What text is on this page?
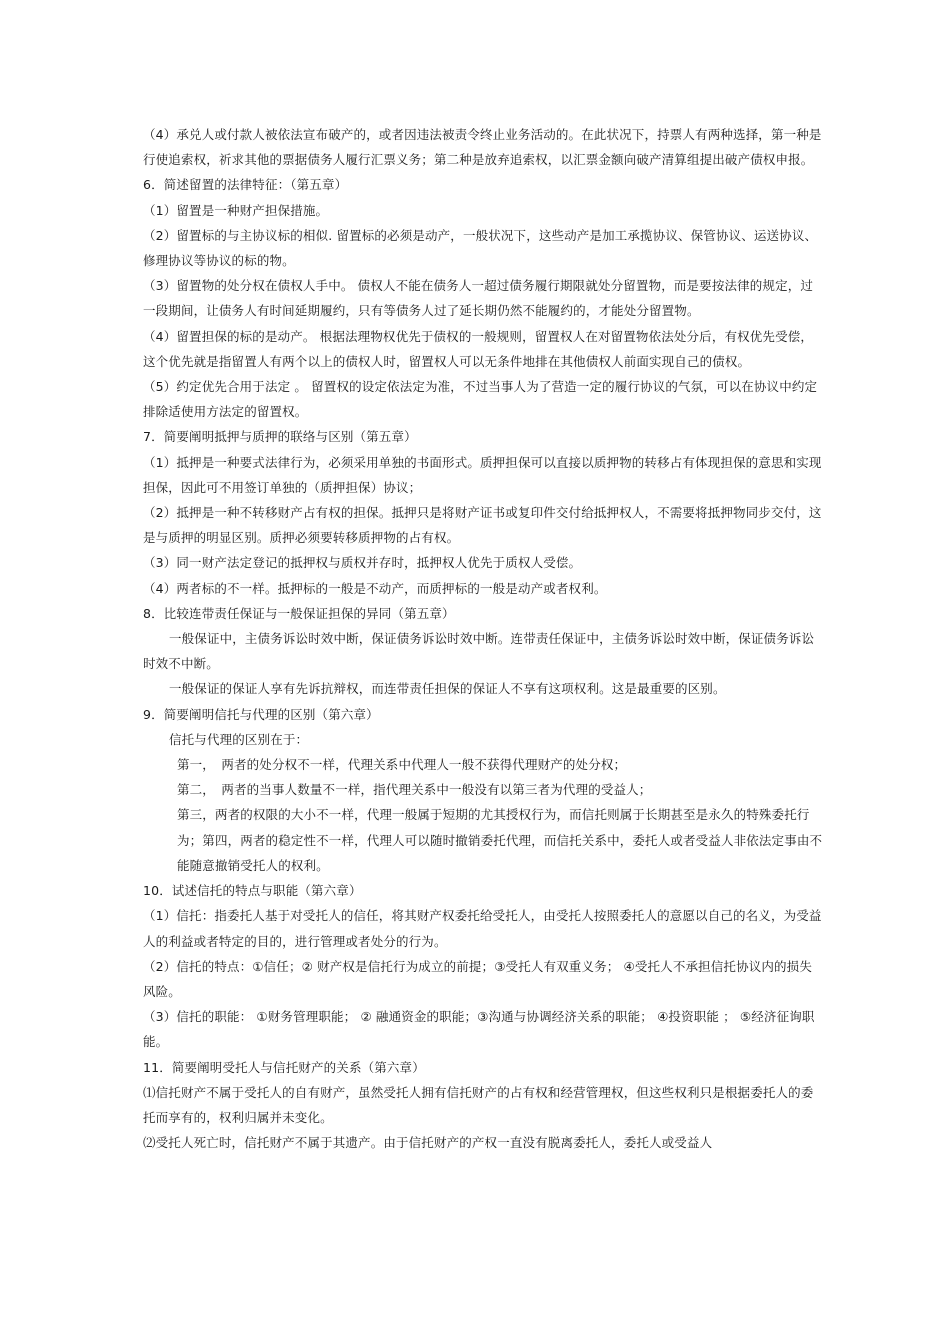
（4）承兑人或付款人被依法宣布破产的，或者因违法被责令终止业务活动的。在此状况下，持票人有两种选择，第一种是行使追索权，祈求其他的票据债务人履行汇票义务；第二种是放弃追索权，以汇票金额向破产清算组提出破产债权申报。

6．简述留置的法律特征：（第五章）

（1）留置是一种财产担保措施。

（2）留置标的与主协议标的相似. 留置标的必须是动产，一般状况下，这些动产是加工承揽协议、保管协议、运送协议、修理协议等协议的标的物。

（3）留置物的处分权在债权人手中。 债权人不能在债务人一超过债务履行期限就处分留置物，而是要按法律的规定，过一段期间，让债务人有时间延期履约，只有等债务人过了延长期仍然不能履约的，才能处分留置物。

（4）留置担保的标的是动产。 根据法理物权优先于债权的一般规则，留置权人在对留置物依法处分后，有权优先受偿，这个优先就是指留置人有两个以上的债权人时，留置权人可以无条件地排在其他债权人前面实现自己的债权。

（5）约定优先合用于法定 。 留置权的设定依法定为准，不过当事人为了营造一定的履行协议的气氛，可以在协议中约定排除适使用方法定的留置权。

7．简要阐明抵押与质押的联络与区别（第五章）

（1）抵押是一种要式法律行为，必须采用单独的书面形式。质押担保可以直接以质押物的转移占有体现担保的意思和实现担保，因此可不用签订单独的（质押担保）协议；

（2）抵押是一种不转移财产占有权的担保。抵押只是将财产证书或复印件交付给抵押权人，不需要将抵押物同步交付，这是与质押的明显区别。质押必须要转移质押物的占有权。

（3）同一财产法定登记的抵押权与质权并存时，抵押权人优先于质权人受偿。

（4）两者标的不一样。抵押标的一般是不动产，而质押标的一般是动产或者权利。

8．比较连带责任保证与一般保证担保的异同（第五章）

一般保证中，主债务诉讼时效中断，保证债务诉讼时效中断。连带责任保证中，主债务诉讼时效中断，保证债务诉讼时效不中断。

一般保证的保证人享有先诉抗辩权，而连带责任担保的保证人不享有这项权利。这是最重要的区别。

9．简要阐明信托与代理的区别（第六章）

信托与代理的区别在于：

第一，　两者的处分权不一样，代理关系中代理人一般不获得代理财产的处分权；

第二，　两者的当事人数量不一样，指代理关系中一般没有以第三者为代理的受益人；

第三，两者的权限的大小不一样，代理一般属于短期的尤其授权行为，而信托则属于长期甚至是永久的特殊委托行为；第四，两者的稳定性不一样，代理人可以随时撤销委托代理，而信托关系中，委托人或者受益人非依法定事由不能随意撤销受托人的权利。

10．试述信托的特点与职能（第六章）

（1）信托：指委托人基于对受托人的信任，将其财产权委托给受托人，由受托人按照委托人的意愿以自己的名义，为受益人的利益或者特定的目的，进行管理或者处分的行为。

（2）信托的特点：①信任；② 财产权是信托行为成立的前提；③受托人有双重义务； ④受托人不承担信托协议内的损失风险。

（3）信托的职能： ①财务管理职能； ② 融通资金的职能；③沟通与协调经济关系的职能； ④投资职能 ； ⑤经济征询职能。

11．简要阐明受托人与信托财产的关系（第六章）

⑴信托财产不属于受托人的自有财产，虽然受托人拥有信托财产的占有权和经营管理权，但这些权利只是根据委托人的委托而享有的，权利归属并未变化。

⑵受托人死亡时，信托财产不属于其遗产。由于信托财产的产权一直没有脱离委托人，委托人或受益人
